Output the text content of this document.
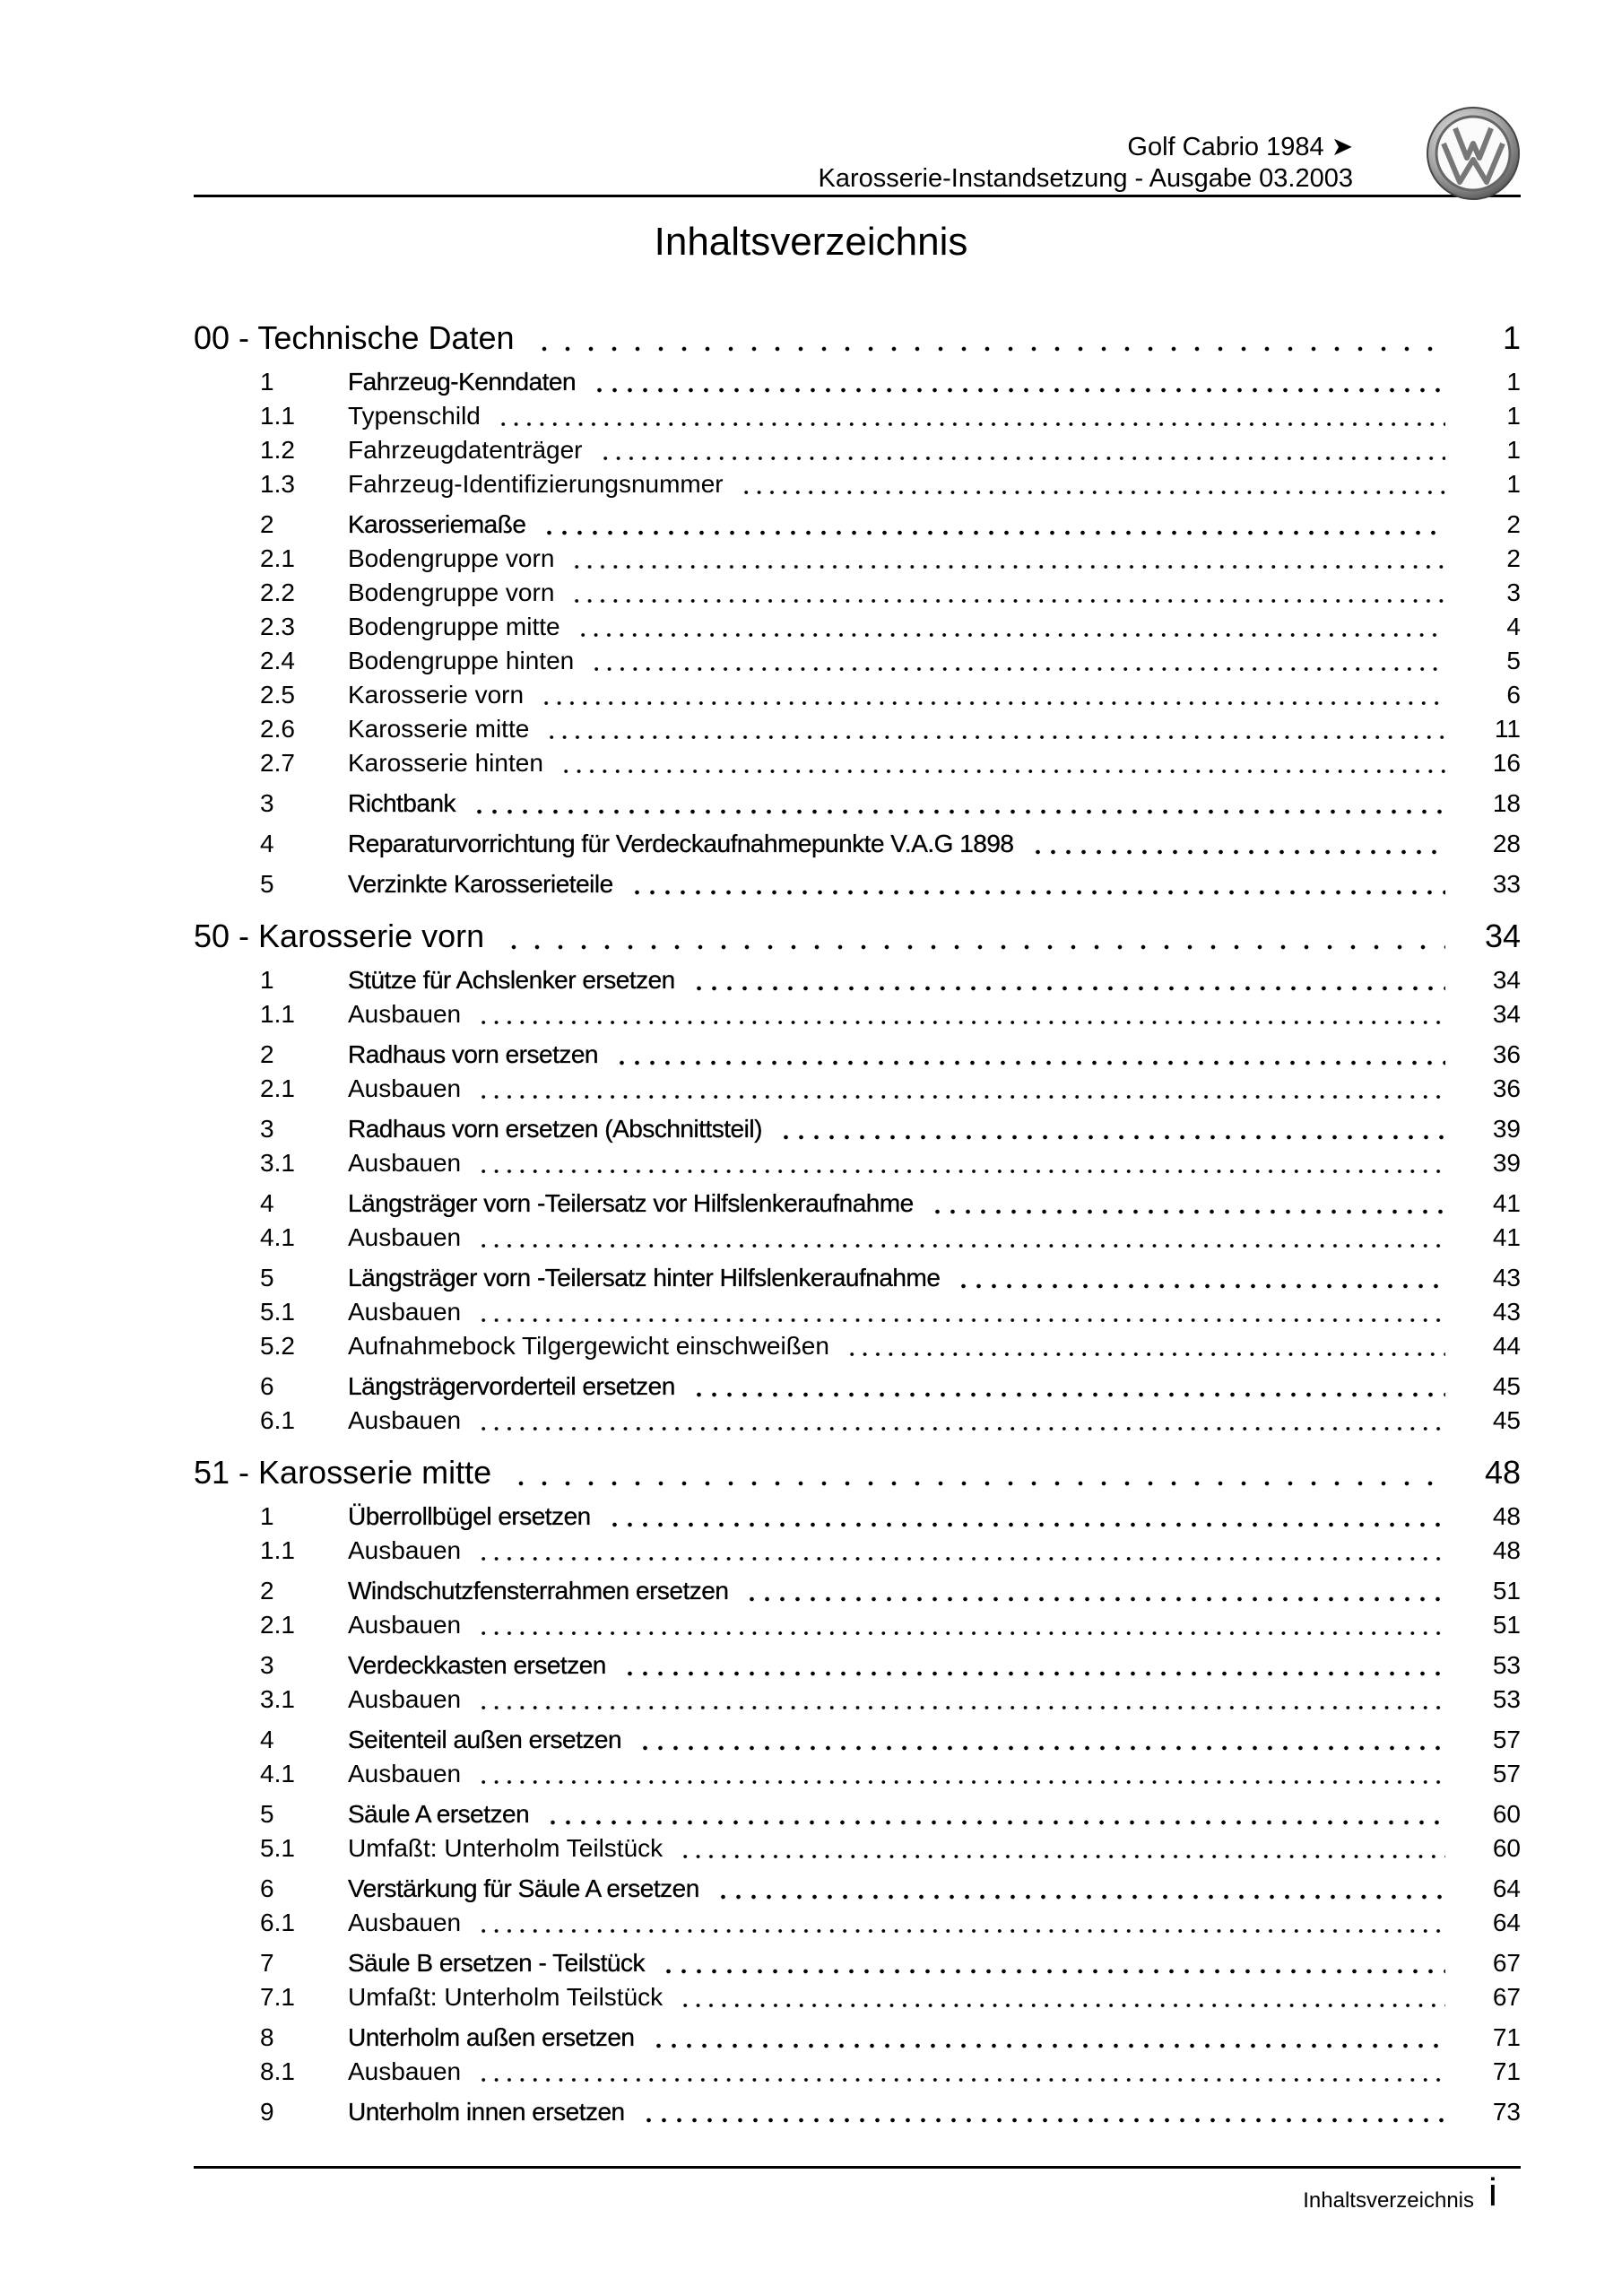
Golf Cabrio 1984 ➤
Karosserie-Instandsetzung - Ausgabe 03.2003
Inhaltsverzeichnis
00 - Technische Daten	1
1	Fahrzeug-Kenndaten	1
1.1	Typenschild	1
1.2	Fahrzeugdatenträger	1
1.3	Fahrzeug-Identifizierungsnummer	1
2	Karosseriemaße	2
2.1	Bodengruppe vorn	2
2.2	Bodengruppe vorn	3
2.3	Bodengruppe mitte	4
2.4	Bodengruppe hinten	5
2.5	Karosserie vorn	6
2.6	Karosserie mitte	11
2.7	Karosserie hinten	16
3	Richtbank	18
4	Reparaturvorrichtung für Verdeckaufnahmepunkte V.A.G 1898	28
5	Verzinkte Karosserieteile	33
50 - Karosserie vorn	34
1	Stütze für Achslenker ersetzen	34
1.1	Ausbauen	34
2	Radhaus vorn ersetzen	36
2.1	Ausbauen	36
3	Radhaus vorn ersetzen (Abschnittsteil)	39
3.1	Ausbauen	39
4	Längsträger vorn -Teilersatz vor Hilfslenkeraufnahme	41
4.1	Ausbauen	41
5	Längsträger vorn -Teilersatz hinter Hilfslenkeraufnahme	43
5.1	Ausbauen	43
5.2	Aufnahmebock Tilgergewicht einschweißen	44
6	Längsträgervorderteil ersetzen	45
6.1	Ausbauen	45
51 - Karosserie mitte	48
1	Überrollbügel ersetzen	48
1.1	Ausbauen	48
2	Windschutzfensterrahmen ersetzen	51
2.1	Ausbauen	51
3	Verdeckkasten ersetzen	53
3.1	Ausbauen	53
4	Seitenteil außen ersetzen	57
4.1	Ausbauen	57
5	Säule A ersetzen	60
5.1	Umfaßt: Unterholm Teilstück	60
6	Verstärkung für Säule A ersetzen	64
6.1	Ausbauen	64
7	Säule B ersetzen - Teilstück	67
7.1	Umfaßt: Unterholm Teilstück	67
8	Unterholm außen ersetzen	71
8.1	Ausbauen	71
9	Unterholm innen ersetzen	73
Inhaltsverzeichnis i
